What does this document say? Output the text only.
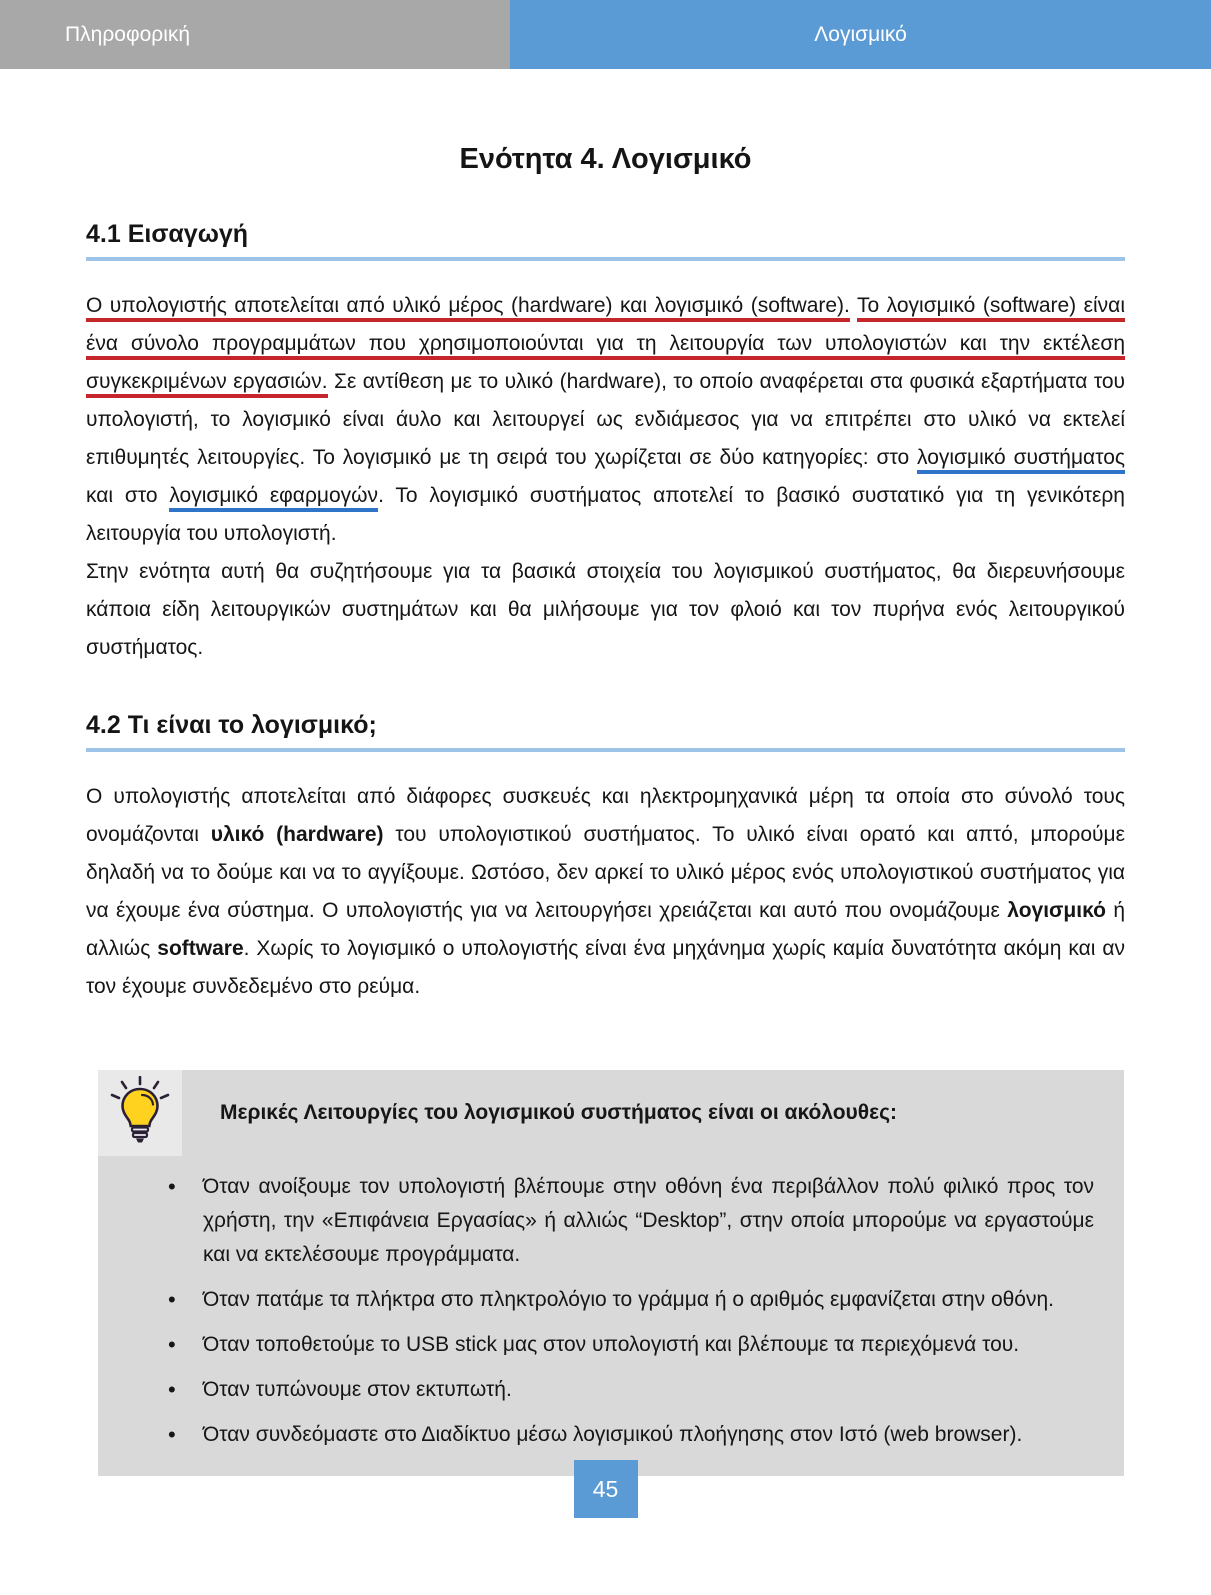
Πληροφορική	Λογισμικό
Ενότητα 4. Λογισμικό
4.1 Εισαγωγή

Ο υπολογιστής αποτελείται από υλικό μέρος (hardware) και λογισμικό (software). Το λογισμικό (software) είναι ένα σύνολο προγραμμάτων που χρησιμοποιούνται για τη λειτουργία των υπολογιστών και την εκτέλεση συγκεκριμένων εργασιών. Σε αντίθεση με το υλικό (hardware), το οποίο αναφέρεται στα φυσικά εξαρτήματα του υπολογιστή, το λογισμικό είναι άυλο και λειτουργεί ως ενδιάμεσος για να επιτρέπει στο υλικό να εκτελεί επιθυμητές λειτουργίες. Το λογισμικό με τη σειρά του χωρίζεται σε δύο κατηγορίες: στο λογισμικό συστήματος και στο λογισμικό εφαρμογών. Το λογισμικό συστήματος αποτελεί το βασικό συστατικό για τη γενικότερη λειτουργία του υπολογιστή.

Στην ενότητα αυτή θα συζητήσουμε για τα βασικά στοιχεία του λογισμικού συστήματος, θα διερευνήσουμε κάποια είδη λειτουργικών συστημάτων και θα μιλήσουμε για τον φλοιό και τον πυρήνα ενός λειτουργικού συστήματος.

4.2 Τι είναι το λογισμικό;

Ο υπολογιστής αποτελείται από διάφορες συσκευές και ηλεκτρομηχανικά μέρη τα οποία στο σύνολό τους ονομάζονται υλικό (hardware) του υπολογιστικού συστήματος. Το υλικό είναι ορατό και απτό, μπορούμε δηλαδή να το δούμε και να το αγγίξουμε. Ωστόσο, δεν αρκεί το υλικό μέρος ενός υπολογιστικού συστήματος για να έχουμε ένα σύστημα. Ο υπολογιστής για να λειτουργήσει χρειάζεται και αυτό που ονομάζουμε λογισμικό ή αλλιώς software. Χωρίς το λογισμικό ο υπολογιστής είναι ένα μηχάνημα χωρίς καμία δυνατότητα ακόμη και αν τον έχουμε συνδεδεμένο στο ρεύμα.

Μερικές Λειτουργίες του λογισμικού συστήματος είναι οι ακόλουθες:
• Όταν ανοίξουμε τον υπολογιστή βλέπουμε στην οθόνη ένα περιβάλλον πολύ φιλικό προς τον χρήστη, την «Επιφάνεια Εργασίας» ή αλλιώς “Desktop”, στην οποία μπορούμε να εργαστούμε και να εκτελέσουμε προγράμματα.
• Όταν πατάμε τα πλήκτρα στο πληκτρολόγιο το γράμμα ή ο αριθμός εμφανίζεται στην οθόνη.
• Όταν τοποθετούμε το USB stick μας στον υπολογιστή και βλέπουμε τα περιεχόμενά του.
• Όταν τυπώνουμε στον εκτυπωτή.
• Όταν συνδεόμαστε στο Διαδίκτυο μέσω λογισμικού πλοήγησης στον Ιστό (web browser).
45
